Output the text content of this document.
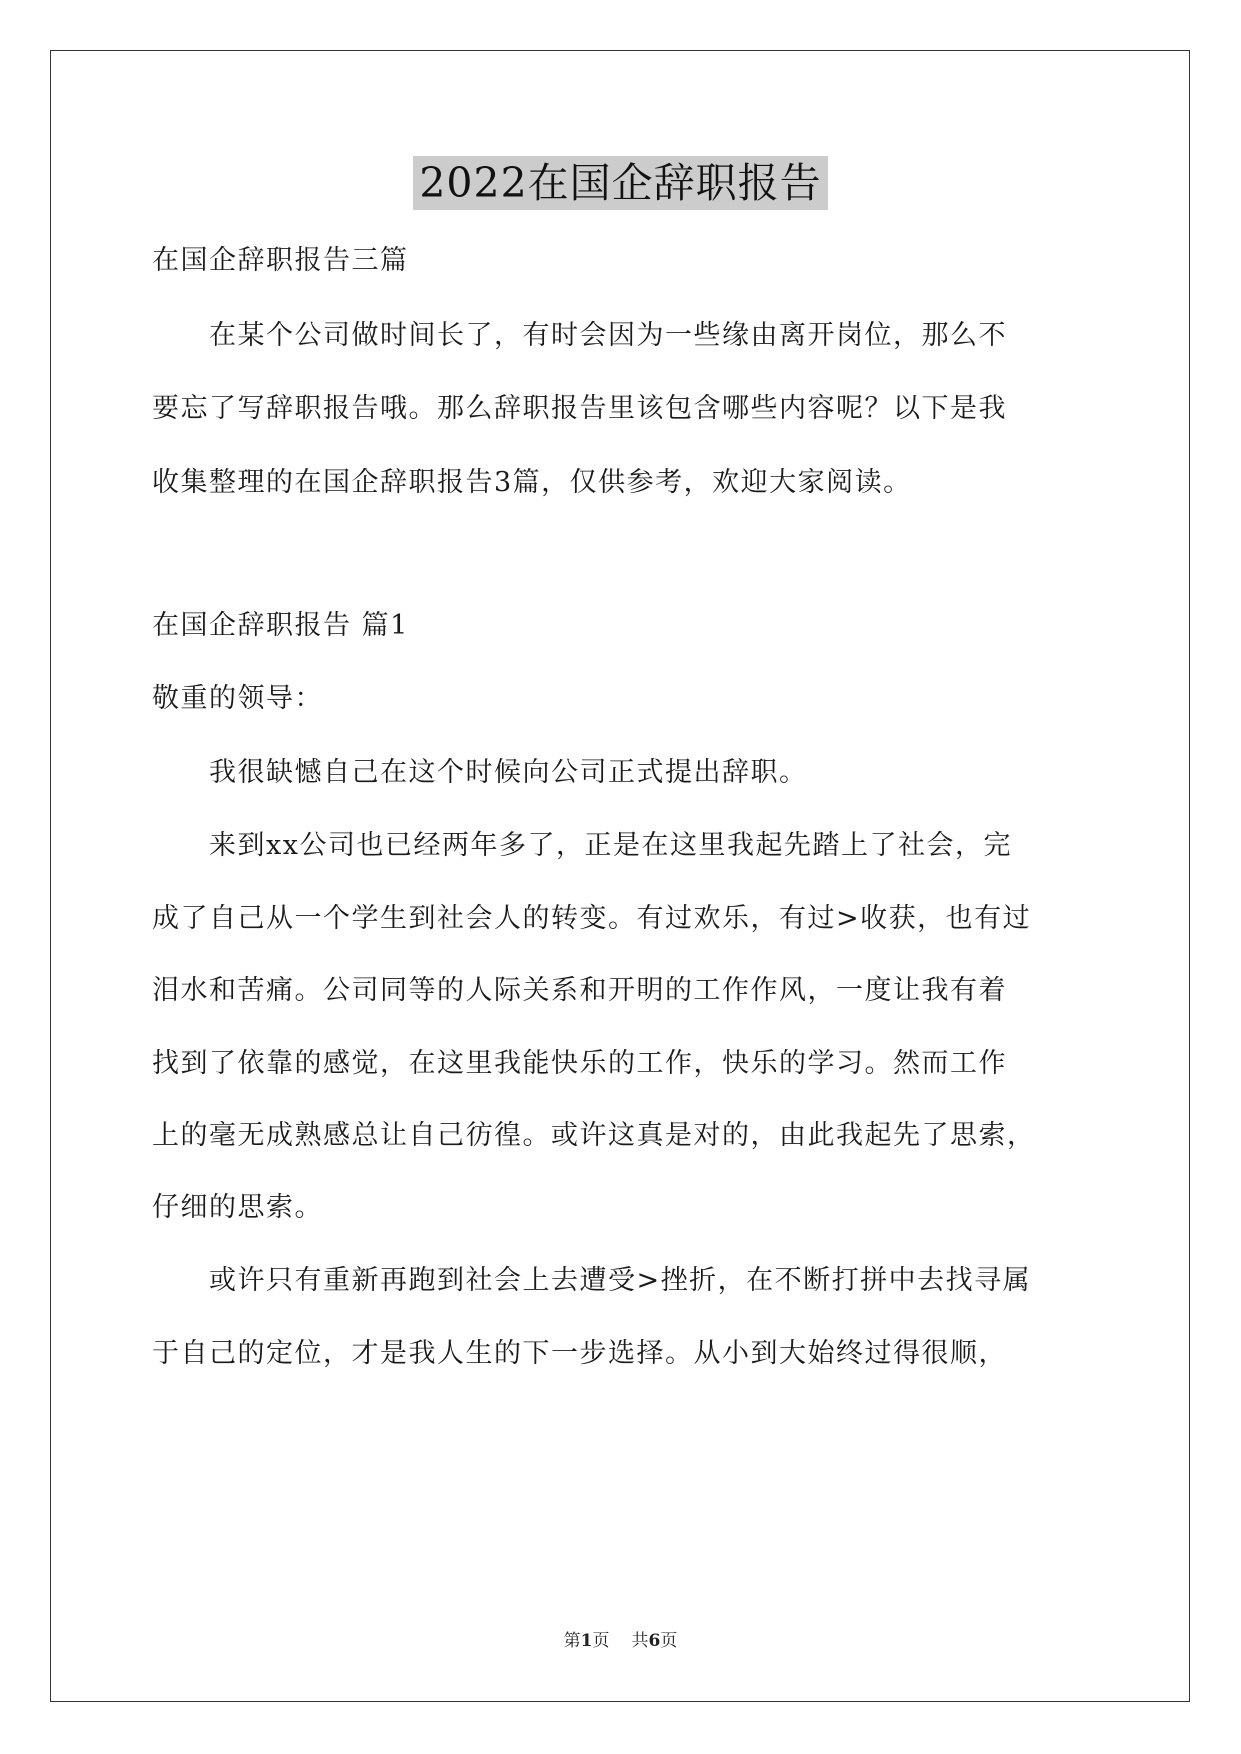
2022在国企辞职报告
在国企辞职报告三篇
　　在某个公司做时间长了，有时会因为一些缘由离开岗位，那么不
要忘了写辞职报告哦。那么辞职报告里该包含哪些内容呢？以下是我
收集整理的在国企辞职报告3篇，仅供参考，欢迎大家阅读。
在国企辞职报告 篇1
敬重的领导：
　　我很缺憾自己在这个时候向公司正式提出辞职。
　　来到xx公司也已经两年多了，正是在这里我起先踏上了社会，完
成了自己从一个学生到社会人的转变。有过欢乐，有过>收获，也有过
泪水和苦痛。公司同等的人际关系和开明的工作作风，一度让我有着
找到了依靠的感觉，在这里我能快乐的工作，快乐的学习。然而工作
上的毫无成熟感总让自己彷徨。或许这真是对的，由此我起先了思索，
仔细的思索。
　　或许只有重新再跑到社会上去遭受>挫折，在不断打拼中去找寻属
于自己的定位，才是我人生的下一步选择。从小到大始终过得很顺，
第1页 共6页
